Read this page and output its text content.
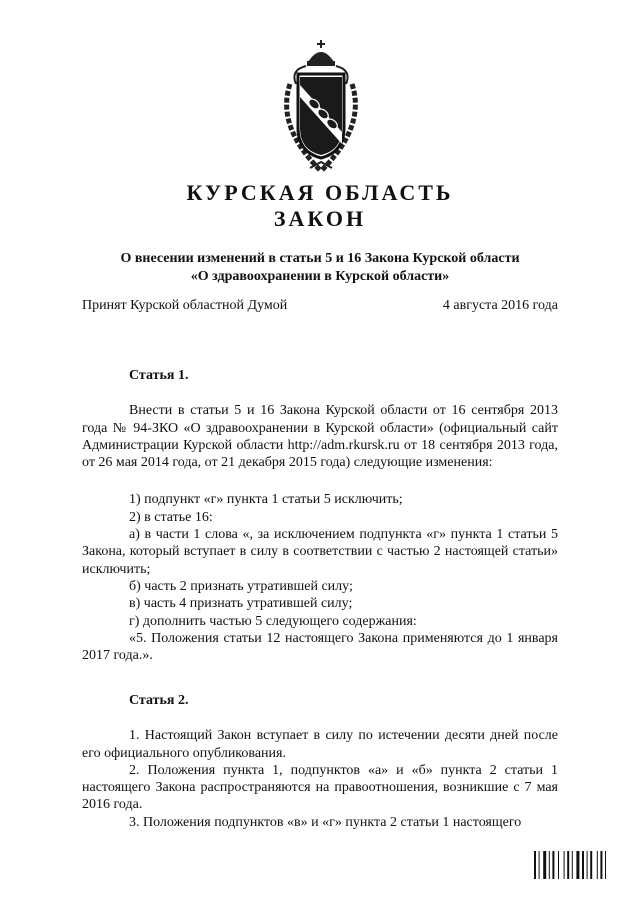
КУРСКАЯ ОБЛАСТЬ
ЗАКОН
О внесении изменений в статьи 5 и 16 Закона Курской области
«О здравоохранении в Курской области»
Принят Курской областной Думой	4 августа 2016 года

Статья 1.

Внести в статьи 5 и 16 Закона Курской области от 16 сентября 2013 года № 94-ЗКО «О здравоохранении в Курской области» (официальный сайт Администрации Курской области http://adm.rkursk.ru от 18 сентября 2013 года, от 26 мая 2014 года, от 21 декабря 2015 года) следующие изменения:

1) подпункт «г» пункта 1 статьи 5 исключить;

2) в статье 16:

а) в части 1 слова «, за исключением подпункта «г» пункта 1 статьи 5 Закона, который вступает в силу в соответствии с частью 2 настоящей статьи» исключить;

б) часть 2 признать утратившей силу;

в) часть 4 признать утратившей силу;

г) дополнить частью 5 следующего содержания:

«5. Положения статьи 12 настоящего Закона применяются до 1 января 2017 года.».

Статья 2.

1. Настоящий Закон вступает в силу по истечении десяти дней после его официального опубликования.

2. Положения пункта 1, подпунктов «а» и «б» пункта 2 статьи 1 настоящего Закона распространяются на правоотношения, возникшие с 7 мая 2016 года.

3. Положения подпунктов «в» и «г» пункта 2 статьи 1 настоящего
